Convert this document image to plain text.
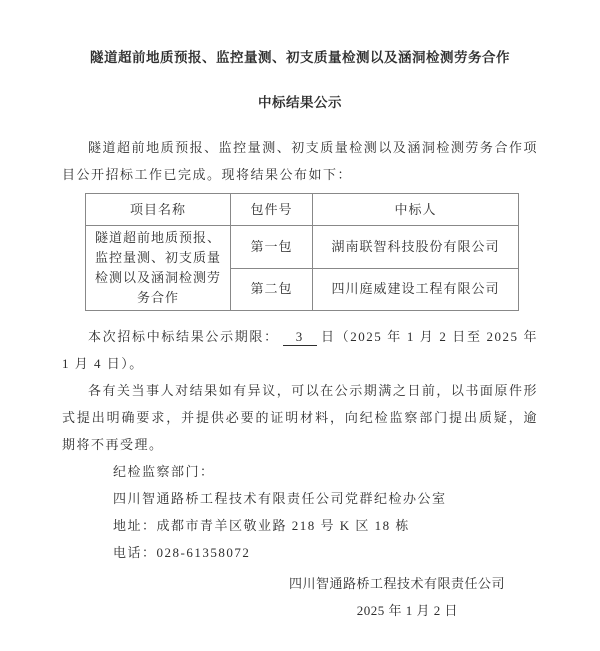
隧道超前地质预报、监控量测、初支质量检测以及涵洞检测劳务合作
中标结果公示

隧道超前地质预报、监控量测、初支质量检测以及涵洞检测劳务合作项目公开招标工作已完成。现将结果公布如下：

项目名称	包件号	中标人
隧道超前地质预报、监控量测、初支质量检测以及涵洞检测劳务合作	第一包	湖南联智科技股份有限公司
	第二包	四川庭威建设工程有限公司

本次招标中标结果公示期限： 3 日（2025 年 1 月 2 日至 2025 年 1 月 4 日）。

各有关当事人对结果如有异议，可以在公示期满之日前，以书面原件形式提出明确要求，并提供必要的证明材料，向纪检监察部门提出质疑，逾期将不再受理。

纪检监察部门：
四川智通路桥工程技术有限责任公司党群纪检办公室
地址：成都市青羊区敬业路 218 号 K 区 18 栋
电话：028-61358072
四川智通路桥工程技术有限责任公司
2025 年 1 月 2 日
